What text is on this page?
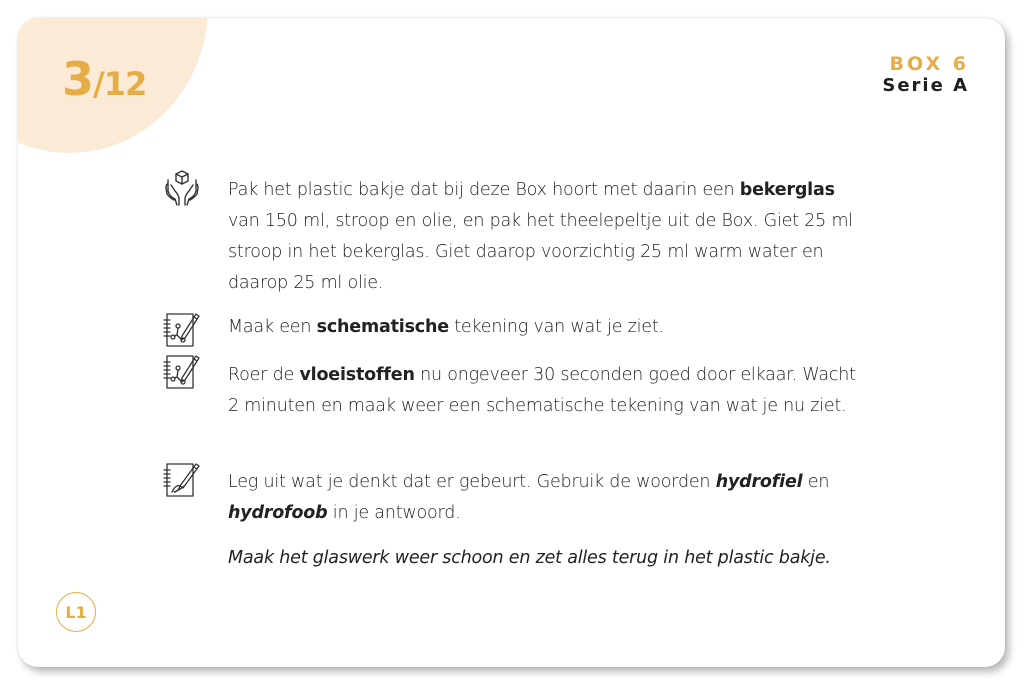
3/12
BOX 6
Serie A
Pak het plastic bakje dat bij deze Box hoort met daarin een bekerglas van 150 ml, stroop en olie, en pak het theelepeltje uit de Box. Giet 25 ml stroop in het bekerglas. Giet daarop voorzichtig 25 ml warm water en daarop 25 ml olie.
Maak een schematische tekening van wat je ziet.
Roer de vloeistoffen nu ongeveer 30 seconden goed door elkaar. Wacht 2 minuten en maak weer een schematische tekening van wat je nu ziet.
Leg uit wat je denkt dat er gebeurt. Gebruik de woorden hydrofiel en hydrofoob in je antwoord.
Maak het glaswerk weer schoon en zet alles terug in het plastic bakje.
L1
